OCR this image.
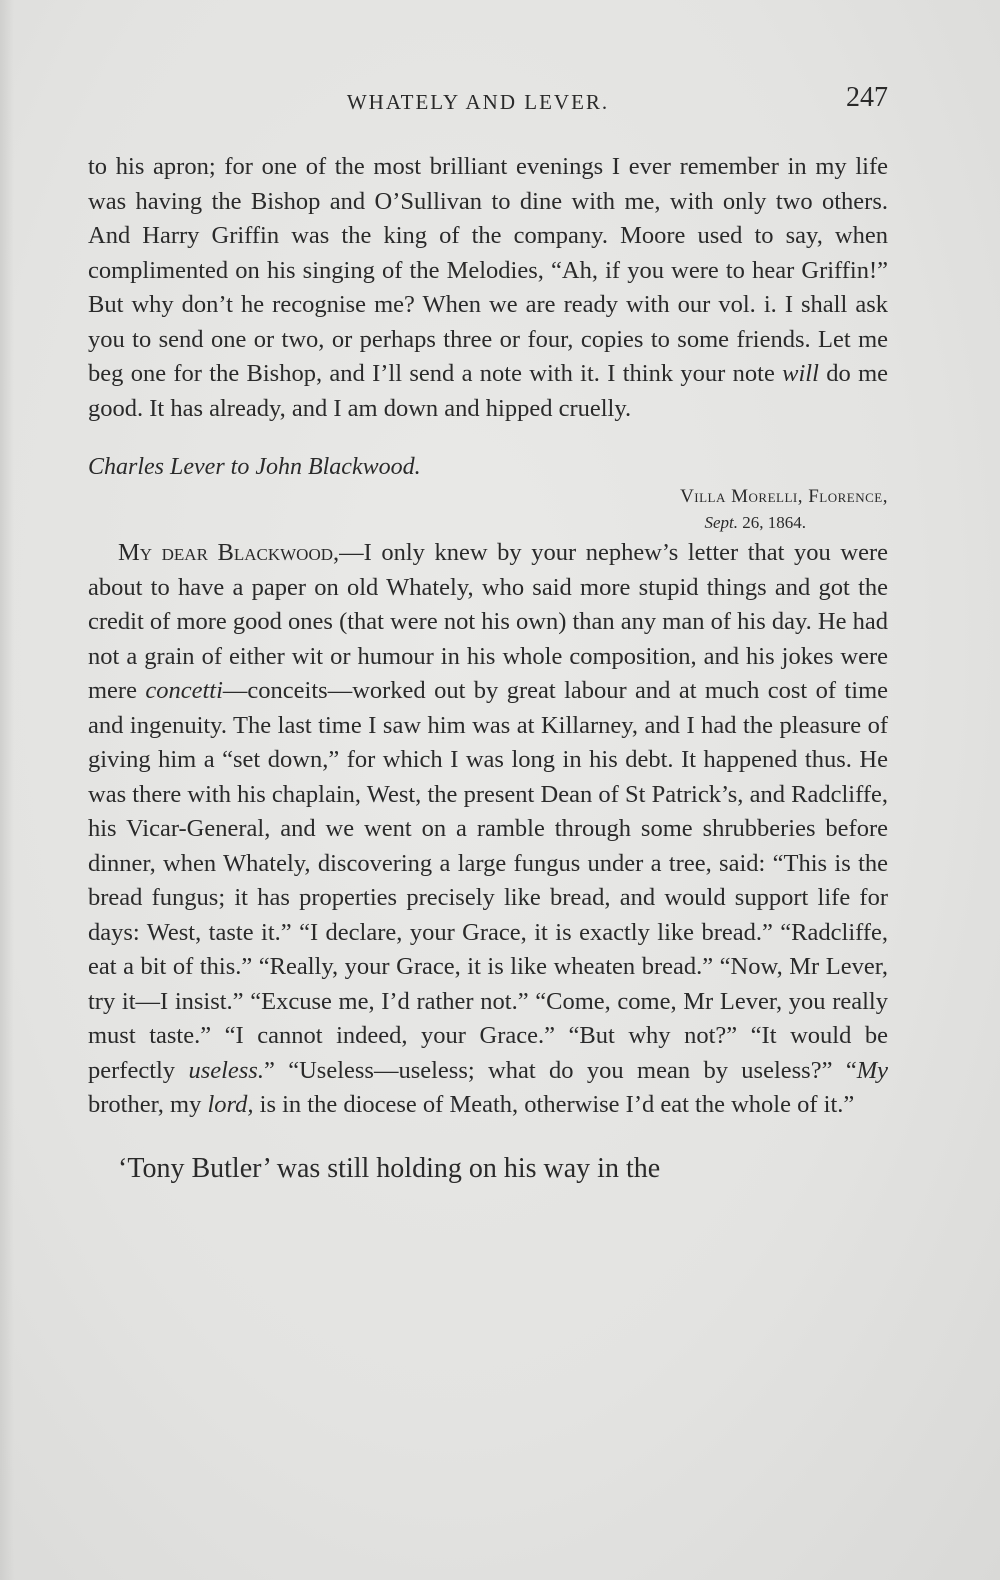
WHATELY AND LEVER.	247

to his apron; for one of the most brilliant evenings I ever remember in my life was having the Bishop and O’Sullivan to dine with me, with only two others. And Harry Griffin was the king of the company. Moore used to say, when complimented on his singing of the Melodies, “Ah, if you were to hear Griffin!” But why don’t he recognise me? When we are ready with our vol. i. I shall ask you to send one or two, or perhaps three or four, copies to some friends. Let me beg one for the Bishop, and I’ll send a note with it. I think your note will do me good. It has already, and I am down and hipped cruelly.

Charles Lever to John Blackwood.
Villa Morelli, Florence,
Sept. 26, 1864.

My dear Blackwood,—I only knew by your nephew’s letter that you were about to have a paper on old Whately, who said more stupid things and got the credit of more good ones (that were not his own) than any man of his day. He had not a grain of either wit or humour in his whole composition, and his jokes were mere concetti—conceits—worked out by great labour and at much cost of time and ingenuity. The last time I saw him was at Killarney, and I had the pleasure of giving him a “set down,” for which I was long in his debt. It happened thus. He was there with his chaplain, West, the present Dean of St Patrick’s, and Radcliffe, his Vicar-General, and we went on a ramble through some shrubberies before dinner, when Whately, discovering a large fungus under a tree, said: “This is the bread fungus; it has properties precisely like bread, and would support life for days: West, taste it.” “I declare, your Grace, it is exactly like bread.” “Radcliffe, eat a bit of this.” “Really, your Grace, it is like wheaten bread.” “Now, Mr Lever, try it—I insist.” “Excuse me, I’d rather not.” “Come, come, Mr Lever, you really must taste.” “I cannot indeed, your Grace.” “But why not?” “It would be perfectly useless.” “Useless—useless; what do you mean by useless?” “My brother, my lord, is in the diocese of Meath, otherwise I’d eat the whole of it.”

‘Tony Butler’ was still holding on his way in the
